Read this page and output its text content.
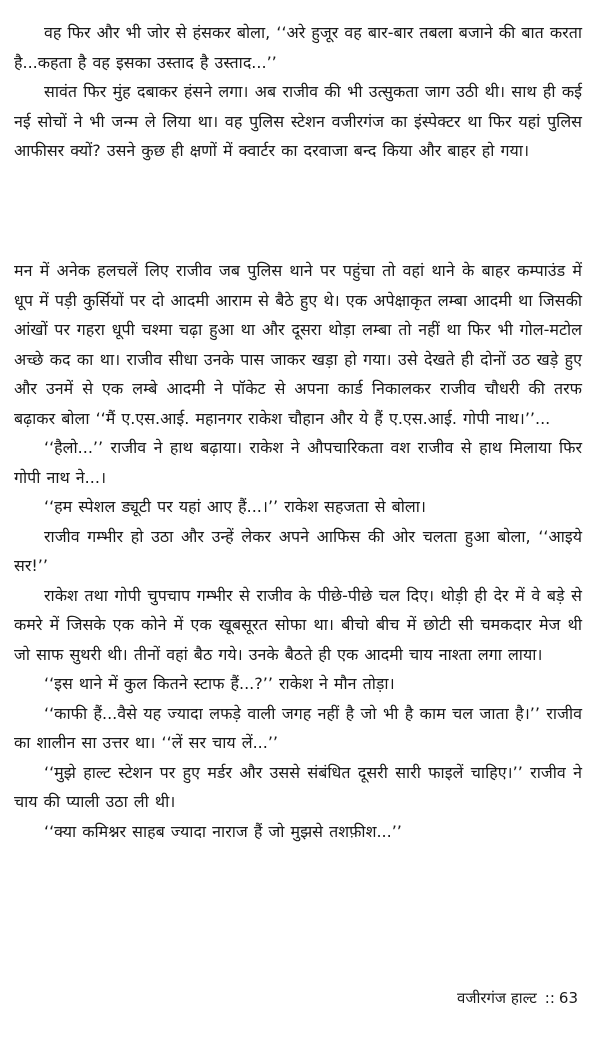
वह फिर और भी जोर से हंसकर बोला, ‘‘अरे हुजूर वह बार-बार तबला बजाने की बात करता है...कहता है वह इसका उस्ताद है उस्ताद...’’

सावंत फिर मुंह दबाकर हंसने लगा। अब राजीव की भी उत्सुकता जाग उठी थी। साथ ही कई नई सोचों ने भी जन्म ले लिया था। वह पुलिस स्टेशन वजीरगंज का इंस्पेक्टर था फिर यहां पुलिस आफीसर क्यों? उसने कुछ ही क्षणों में क्वार्टर का दरवाजा बन्द किया और बाहर हो गया।

मन में अनेक हलचलें लिए राजीव जब पुलिस थाने पर पहुंचा तो वहां थाने के बाहर कम्पाउंड में धूप में पड़ी कुर्सियों पर दो आदमी आराम से बैठे हुए थे। एक अपेक्षाकृत लम्बा आदमी था जिसकी आंखों पर गहरा धूपी चश्मा चढ़ा हुआ था और दूसरा थोड़ा लम्बा तो नहीं था फिर भी गोल-मटोल अच्छे कद का था। राजीव सीधा उनके पास जाकर खड़ा हो गया। उसे देखते ही दोनों उठ खड़े हुए और उनमें से एक लम्बे आदमी ने पॉकेट से अपना कार्ड निकालकर राजीव चौधरी की तरफ बढ़ाकर बोला ‘‘मैं ए.एस.आई. महानगर राकेश चौहान और ये हैं ए.एस.आई. गोपी नाथ।’’...

‘‘हैलो...’’ राजीव ने हाथ बढ़ाया। राकेश ने औपचारिकता वश राजीव से हाथ मिलाया फिर गोपी नाथ ने...।

‘‘हम स्पेशल ड्यूटी पर यहां आए हैं...।’’ राकेश सहजता से बोला।

राजीव गम्भीर हो उठा और उन्हें लेकर अपने आफिस की ओर चलता हुआ बोला, ‘‘आइये सर!’’

राकेश तथा गोपी चुपचाप गम्भीर से राजीव के पीछे-पीछे चल दिए। थोड़ी ही देर में वे बड़े से कमरे में जिसके एक कोने में एक खूबसूरत सोफा था। बीचो बीच में छोटी सी चमकदार मेज थी जो साफ सुथरी थी। तीनों वहां बैठ गये। उनके बैठते ही एक आदमी चाय नाश्ता लगा लाया।

‘‘इस थाने में कुल कितने स्टाफ हैं...?’’ राकेश ने मौन तोड़ा।

‘‘काफी हैं...वैसे यह ज्यादा लफड़े वाली जगह नहीं है जो भी है काम चल जाता है।’’ राजीव का शालीन सा उत्तर था। ‘‘लें सर चाय लें...’’

‘‘मुझे हाल्ट स्टेशन पर हुए मर्डर और उससे संबंधित दूसरी सारी फाइलें चाहिए।’’ राजीव ने चाय की प्याली उठा ली थी।

‘‘क्या कमिश्नर साहब ज्यादा नाराज हैं जो मुझसे तशफ़ीश...’’

वजीरगंज हाल्ट :: 63
